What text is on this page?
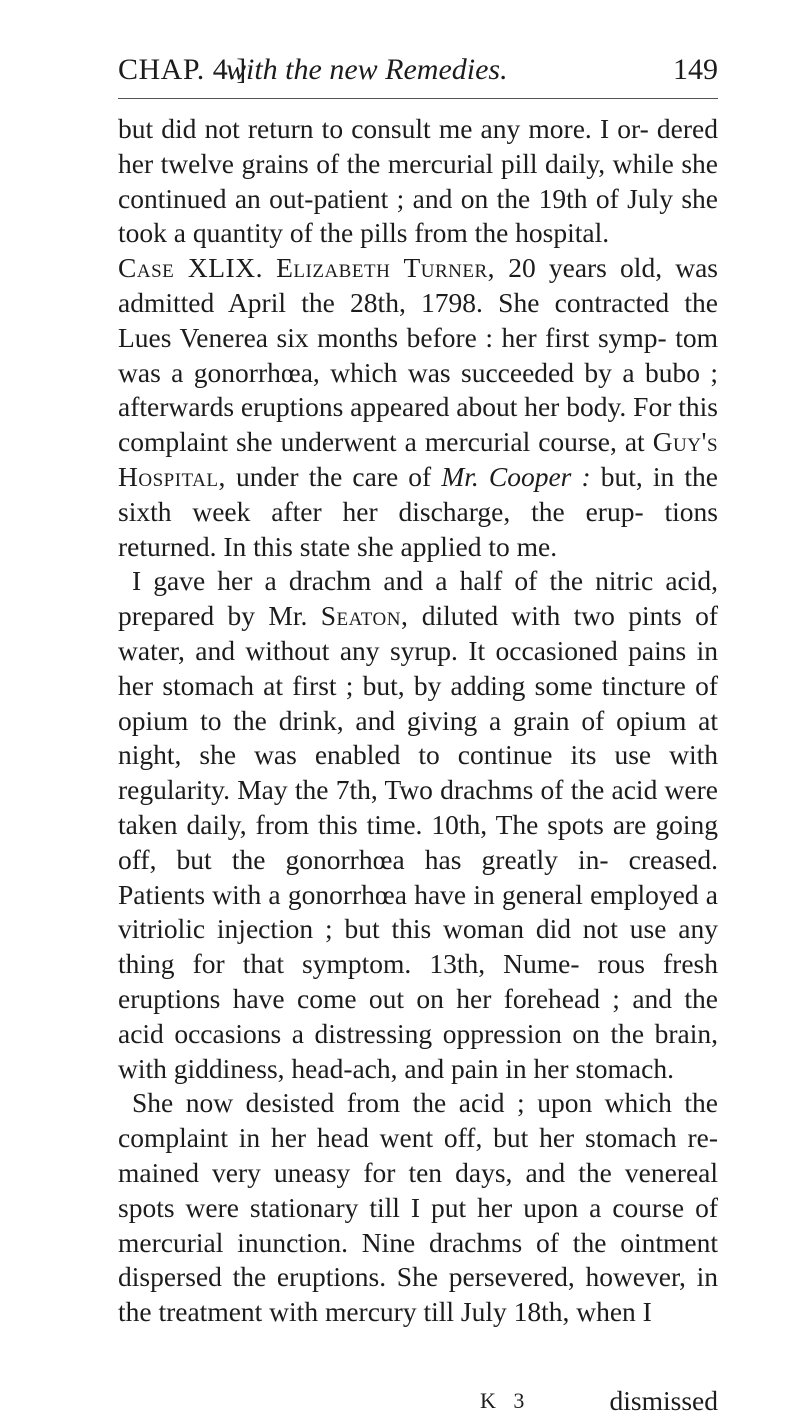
CHAP. 4.]
with the new Remedies.	149

but did not return to consult me any more. I or- dered her twelve grains of the mercurial pill daily, while she continued an out-patient ; and on the 19th of July she took a quantity of the pills from the hospital.

Case XLIX. Elizabeth Turner, 20 years old, was admitted April the 28th, 1798. She contracted the Lues Venerea six months before : her first symp- tom was a gonorrhœa, which was succeeded by a bubo ; afterwards eruptions appeared about her body. For this complaint she underwent a mercurial course, at Guy's Hospital, under the care of Mr. Cooper : but, in the sixth week after her discharge, the erup- tions returned. In this state she applied to me.

I gave her a drachm and a half of the nitric acid, prepared by Mr. Seaton, diluted with two pints of water, and without any syrup. It occasioned pains in her stomach at first ; but, by adding some tincture of opium to the drink, and giving a grain of opium at night, she was enabled to continue its use with regularity. May the 7th, Two drachms of the acid were taken daily, from this time. 10th, The spots are going off, but the gonorrhœa has greatly in- creased. Patients with a gonorrhœa have in general employed a vitriolic injection ; but this woman did not use any thing for that symptom. 13th, Nume- rous fresh eruptions have come out on her forehead ; and the acid occasions a distressing oppression on the brain, with giddiness, head-ach, and pain in her stomach.

She now desisted from the acid ; upon which the complaint in her head went off, but her stomach re- mained very uneasy for ten days, and the venereal spots were stationary till I put her upon a course of mercurial inunction. Nine drachms of the ointment dispersed the eruptions. She persevered, however, in the treatment with mercury till July 18th, when I

K 3	dismissed
